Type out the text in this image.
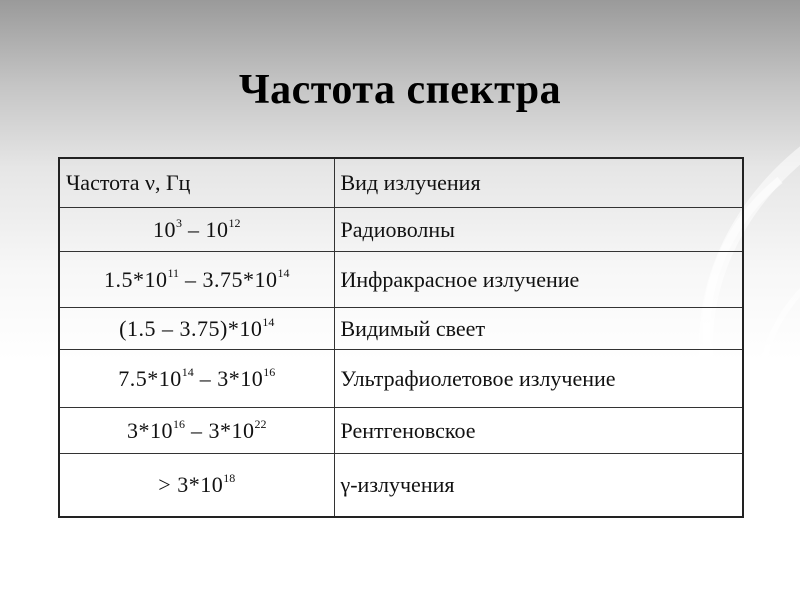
Частота спектра
Частота ν, Гц	Вид излучения
$10^3 - 10^{12}$	Радиоволны
$1.5*10^{11} - 3.75*10^{14}$	Инфракрасное излучение
$(1.5 - 3.75)*10^{14}$	Видимый свеет
$7.5*10^{14} - 3*10^{16}$	Ультрафиолетовое излучение
$3*10^{16} - 3*10^{22}$	Рентгеновское
> $3*10^{18}$	γ-излучения
